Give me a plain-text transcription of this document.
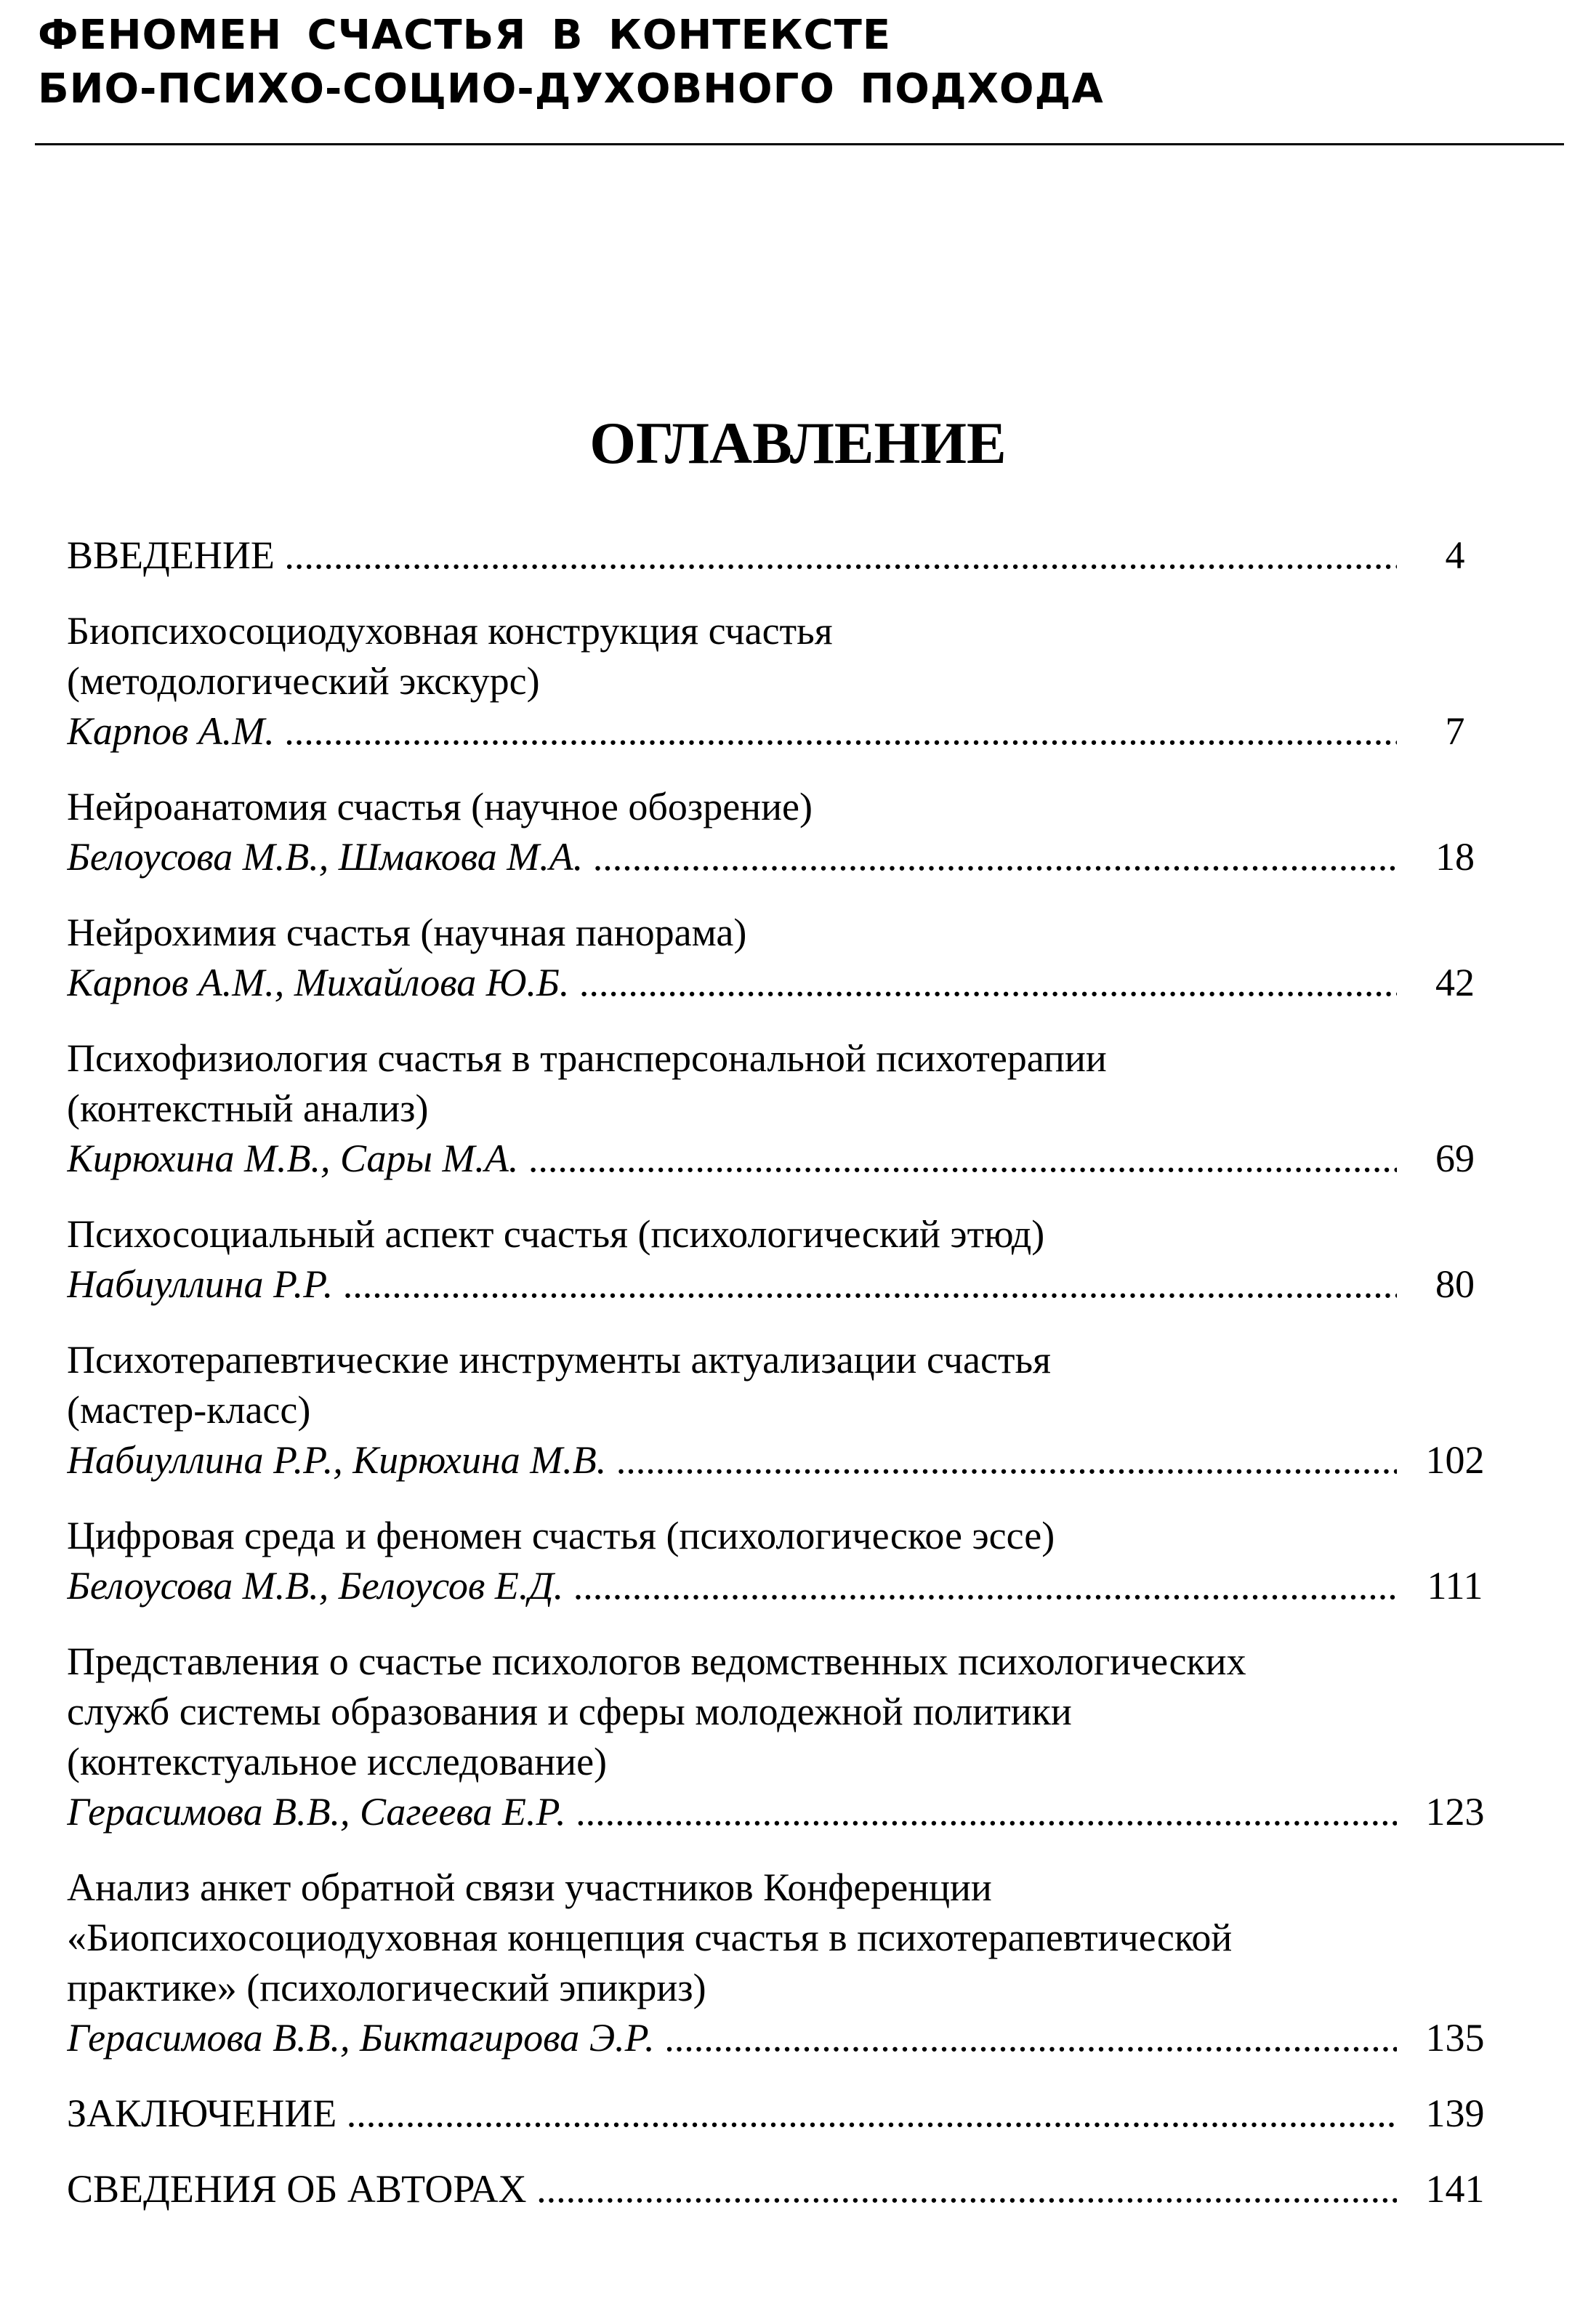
ФЕНОМЕН СЧАСТЬЯ В КОНТЕКСТЕ
БИО-ПСИХО-СОЦИО-ДУХОВНОГО ПОДХОДА
ОГЛАВЛЕНИЕ
ВВЕДЕНИЕ .....	4
Биопсихосоциодуховная конструкция счастья
(методологический экскурс)
Карпов А.М. .....	7
Нейроанатомия счастья (научное обозрение)
Белоусова М.В., Шмакова М.А. .....	18
Нейрохимия счастья (научная панорама)
Карпов А.М., Михайлова Ю.Б. .....	42
Психофизиология счастья в трансперсональной психотерапии
(контекстный анализ)
Кирюхина М.В., Сары М.А. .....	69
Психосоциальный аспект счастья (психологический этюд)
Набиуллина Р.Р. .....	80
Психотерапевтические инструменты актуализации счастья
(мастер-класс)
Набиуллина Р.Р., Кирюхина М.В. .....	102
Цифровая среда и феномен счастья (психологическое эссе)
Белоусова М.В., Белоусов Е.Д. .....	111
Представления о счастье психологов ведомственных психологических
служб системы образования и сферы молодежной политики
(контекстуальное исследование)
Герасимова В.В., Сагеева Е.Р. .....	123
Анализ анкет обратной связи участников Конференции
«Биопсихосоциодуховная концепция счастья в психотерапевтической
практике» (психологический эпикриз)
Герасимова В.В., Биктагирова Э.Р. .....	135
ЗАКЛЮЧЕНИЕ .....	139
СВЕДЕНИЯ ОБ АВТОРАХ .....	141
